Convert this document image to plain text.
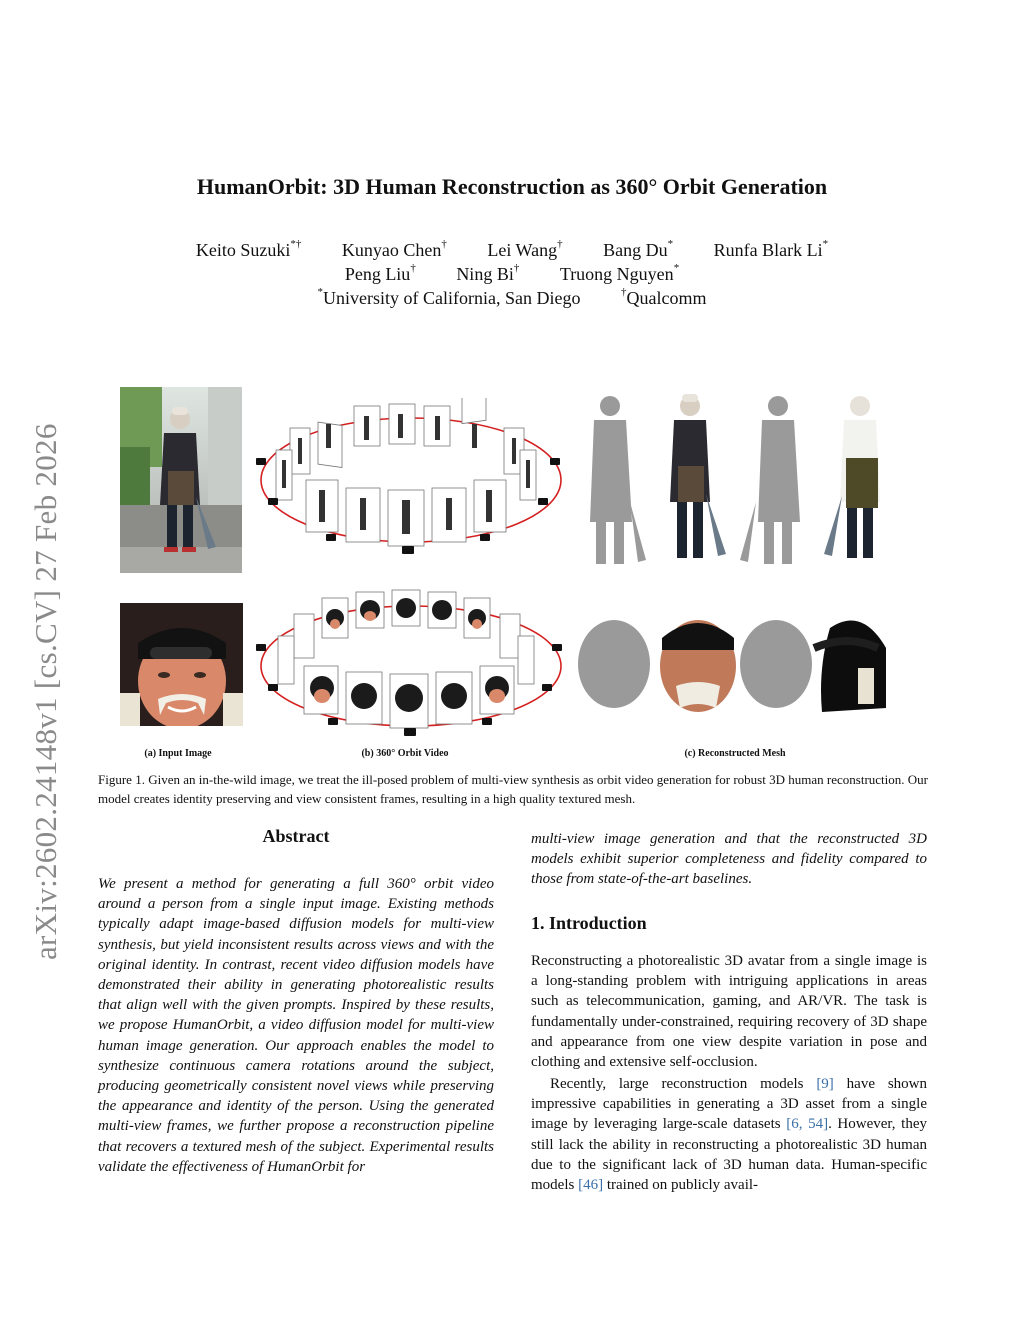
arXiv:2602.24148v1 [cs.CV] 27 Feb 2026
HumanOrbit: 3D Human Reconstruction as 360° Orbit Generation
Keito Suzuki*† Kunyao Chen† Lei Wang† Bang Du* Runfa Blark Li*
Peng Liu† Ning Bi† Truong Nguyen*
*University of California, San Diego	†Qualcomm
(a) Input Image	(b) 360° Orbit Video	(c) Reconstructed Mesh
Figure 1. Given an in-the-wild image, we treat the ill-posed problem of multi-view synthesis as orbit video generation for robust 3D human reconstruction. Our model creates identity preserving and view consistent frames, resulting in a high quality textured mesh.
Abstract
We present a method for generating a full 360° orbit video around a person from a single input image. Existing methods typically adapt image-based diffusion models for multi-view synthesis, but yield inconsistent results across views and with the original identity. In contrast, recent video diffusion models have demonstrated their ability in generating photorealistic results that align well with the given prompts. Inspired by these results, we propose HumanOrbit, a video diffusion model for multi-view human image generation. Our approach enables the model to synthesize continuous camera rotations around the subject, producing geometrically consistent novel views while preserving the appearance and identity of the person. Using the generated multi-view frames, we further propose a reconstruction pipeline that recovers a textured mesh of the subject. Experimental results validate the effectiveness of HumanOrbit for
multi-view image generation and that the reconstructed 3D models exhibit superior completeness and fidelity compared to those from state-of-the-art baselines.
1. Introduction
Reconstructing a photorealistic 3D avatar from a single image is a long-standing problem with intriguing applications in areas such as telecommunication, gaming, and AR/VR. The task is fundamentally under-constrained, requiring recovery of 3D shape and appearance from one view despite variation in pose and clothing and extensive self-occlusion.
Recently, large reconstruction models [9] have shown impressive capabilities in generating a 3D asset from a single image by leveraging large-scale datasets [6, 54]. However, they still lack the ability in reconstructing a photorealistic 3D human due to the significant lack of 3D human data. Human-specific models [46] trained on publicly avail-
